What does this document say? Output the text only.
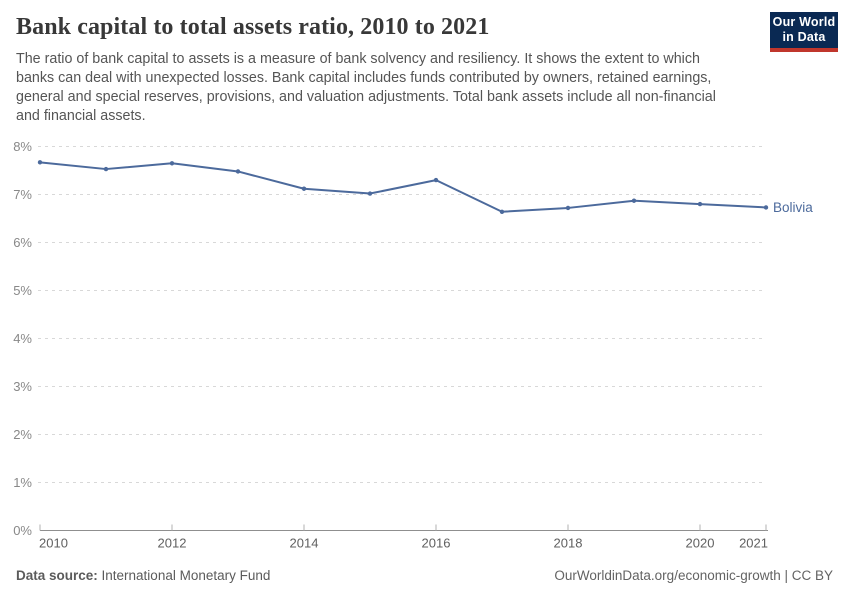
Bank capital to total assets ratio, 2010 to 2021

The ratio of bank capital to assets is a measure of bank solvency and resiliency. It shows the extent to which banks can deal with unexpected losses. Bank capital includes funds contributed by owners, retained earnings, general and special reserves, provisions, and valuation adjustments. Total bank assets include all non-financial and financial assets.

Our World
in Data
0%
1%
2%
3%
4%
5%
6%
7%
8%
2010	2012	2014	2016	2018	2020 2021
Bolivia
Data source: International Monetary Fund	OurWorldinData.org/economic-growth | CC BY
